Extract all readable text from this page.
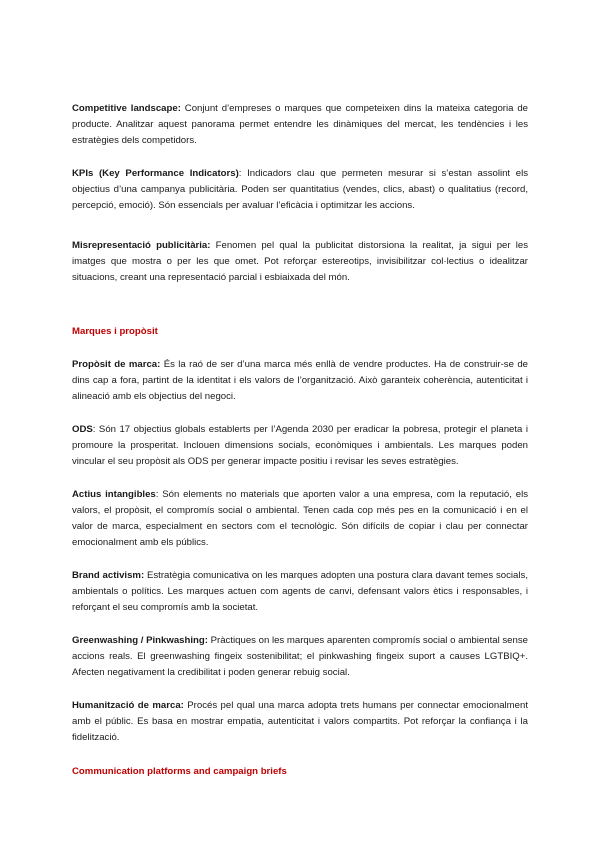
Competitive landscape: Conjunt d’empreses o marques que competeixen dins la mateixa categoria de producte. Analitzar aquest panorama permet entendre les dinàmiques del mercat, les tendències i les estratègies dels competidors.

KPIs (Key Performance Indicators): Indicadors clau que permeten mesurar si s’estan assolint els objectius d’una campanya publicitària. Poden ser quantitatius (vendes, clics, abast) o qualitatius (record, percepció, emoció). Són essencials per avaluar l’eficàcia i optimitzar les accions.

Misrepresentació publicitària: Fenomen pel qual la publicitat distorsiona la realitat, ja sigui per les imatges que mostra o per les que omet. Pot reforçar estereotips, invisibilitzar col·lectius o idealitzar situacions, creant una representació parcial i esbiaixada del món.

Marques i propòsit

Propòsit de marca: És la raó de ser d’una marca més enllà de vendre productes. Ha de construir-se de dins cap a fora, partint de la identitat i els valors de l’organització. Això garanteix coherència, autenticitat i alineació amb els objectius del negoci.

ODS: Són 17 objectius globals establerts per l’Agenda 2030 per eradicar la pobresa, protegir el planeta i promoure la prosperitat. Inclouen dimensions socials, econòmiques i ambientals. Les marques poden vincular el seu propòsit als ODS per generar impacte positiu i revisar les seves estratègies.

Actius intangibles: Són elements no materials que aporten valor a una empresa, com la reputació, els valors, el propòsit, el compromís social o ambiental. Tenen cada cop més pes en la comunicació i en el valor de marca, especialment en sectors com el tecnològic. Són difícils de copiar i clau per connectar emocionalment amb els públics.

Brand activism: Estratègia comunicativa on les marques adopten una postura clara davant temes socials, ambientals o polítics. Les marques actuen com agents de canvi, defensant valors ètics i responsables, i reforçant el seu compromís amb la societat.

Greenwashing / Pinkwashing: Pràctiques on les marques aparenten compromís social o ambiental sense accions reals. El greenwashing fingeix sostenibilitat; el pinkwashing fingeix suport a causes LGTBIQ+. Afecten negativament la credibilitat i poden generar rebuig social.

Humanització de marca: Procés pel qual una marca adopta trets humans per connectar emocionalment amb el públic. Es basa en mostrar empatia, autenticitat i valors compartits. Pot reforçar la confiança i la fidelització.

Communication platforms and campaign briefs
